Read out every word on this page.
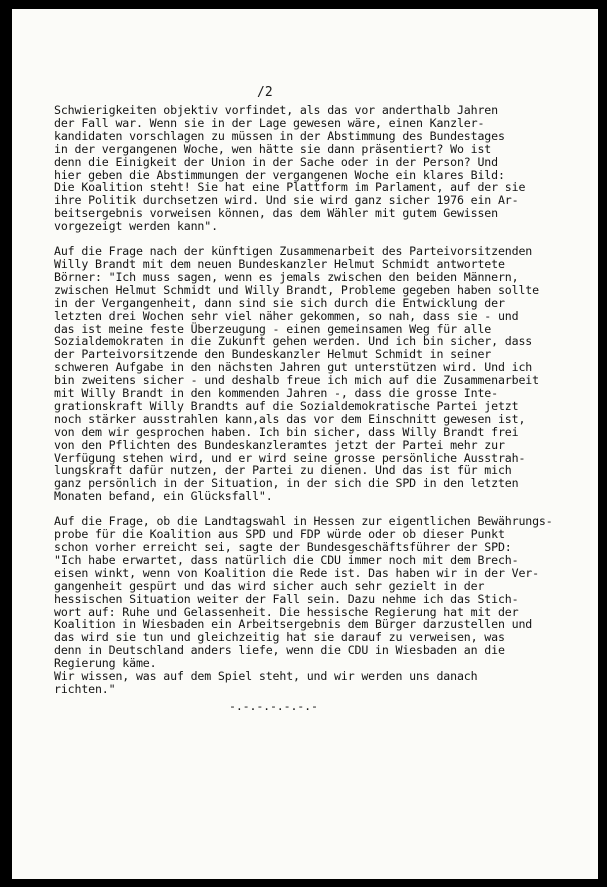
/2
Schwierigkeiten objektiv vorfindet, als das vor anderthalb Jahren
der Fall war. Wenn sie in der Lage gewesen wäre, einen Kanzler-
kandidaten vorschlagen zu müssen in der Abstimmung des Bundestages
in der vergangenen Woche, wen hätte sie dann präsentiert? Wo ist
denn die Einigkeit der Union in der Sache oder in der Person? Und
hier geben die Abstimmungen der vergangenen Woche ein klares Bild:
Die Koalition steht! Sie hat eine Plattform im Parlament, auf der sie
ihre Politik durchsetzen wird. Und sie wird ganz sicher 1976 ein Ar-
beitsergebnis vorweisen können, das dem Wähler mit gutem Gewissen
vorgezeigt werden kann".
Auf die Frage nach der künftigen Zusammenarbeit des Parteivorsitzenden
Willy Brandt mit dem neuen Bundeskanzler Helmut Schmidt antwortete
Börner: "Ich muss sagen, wenn es jemals zwischen den beiden Männern,
zwischen Helmut Schmidt und Willy Brandt, Probleme gegeben haben sollte
in der Vergangenheit, dann sind sie sich durch die Entwicklung der
letzten drei Wochen sehr viel näher gekommen, so nah, dass sie - und
das ist meine feste Überzeugung - einen gemeinsamen Weg für alle
Sozialdemokraten in die Zukunft gehen werden. Und ich bin sicher, dass
der Parteivorsitzende den Bundeskanzler Helmut Schmidt in seiner
schweren Aufgabe in den nächsten Jahren gut unterstützen wird. Und ich
bin zweitens sicher - und deshalb freue ich mich auf die Zusammenarbeit
mit Willy Brandt in den kommenden Jahren -, dass die grosse Inte-
grationskraft Willy Brandts auf die Sozialdemokratische Partei jetzt
noch stärker ausstrahlen kann,als das vor dem Einschnitt gewesen ist,
von dem wir gesprochen haben. Ich bin sicher, dass Willy Brandt frei
von den Pflichten des Bundeskanzleramtes jetzt der Partei mehr zur
Verfügung stehen wird, und er wird seine grosse persönliche Ausstrah-
lungskraft dafür nutzen, der Partei zu dienen. Und das ist für mich
ganz persönlich in der Situation, in der sich die SPD in den letzten
Monaten befand, ein Glücksfall".
Auf die Frage, ob die Landtagswahl in Hessen zur eigentlichen Bewährungs-
probe für die Koalition aus SPD und FDP würde oder ob dieser Punkt
schon vorher erreicht sei, sagte der Bundesgeschäftsführer der SPD:
"Ich habe erwartet, dass natürlich die CDU immer noch mit dem Brech-
eisen winkt, wenn von Koalition die Rede ist. Das haben wir in der Ver-
gangenheit gespürt und das wird sicher auch sehr gezielt in der
hessischen Situation weiter der Fall sein. Dazu nehme ich das Stich-
wort auf: Ruhe und Gelassenheit. Die hessische Regierung hat mit der
Koalition in Wiesbaden ein Arbeitsergebnis dem Bürger darzustellen und
das wird sie tun und gleichzeitig hat sie darauf zu verweisen, was
denn in Deutschland anders liefe, wenn die CDU in Wiesbaden an die
Regierung käme.
Wir wissen, was auf dem Spiel steht, und wir werden uns danach
richten."
-.-.-.-.-.-.-
